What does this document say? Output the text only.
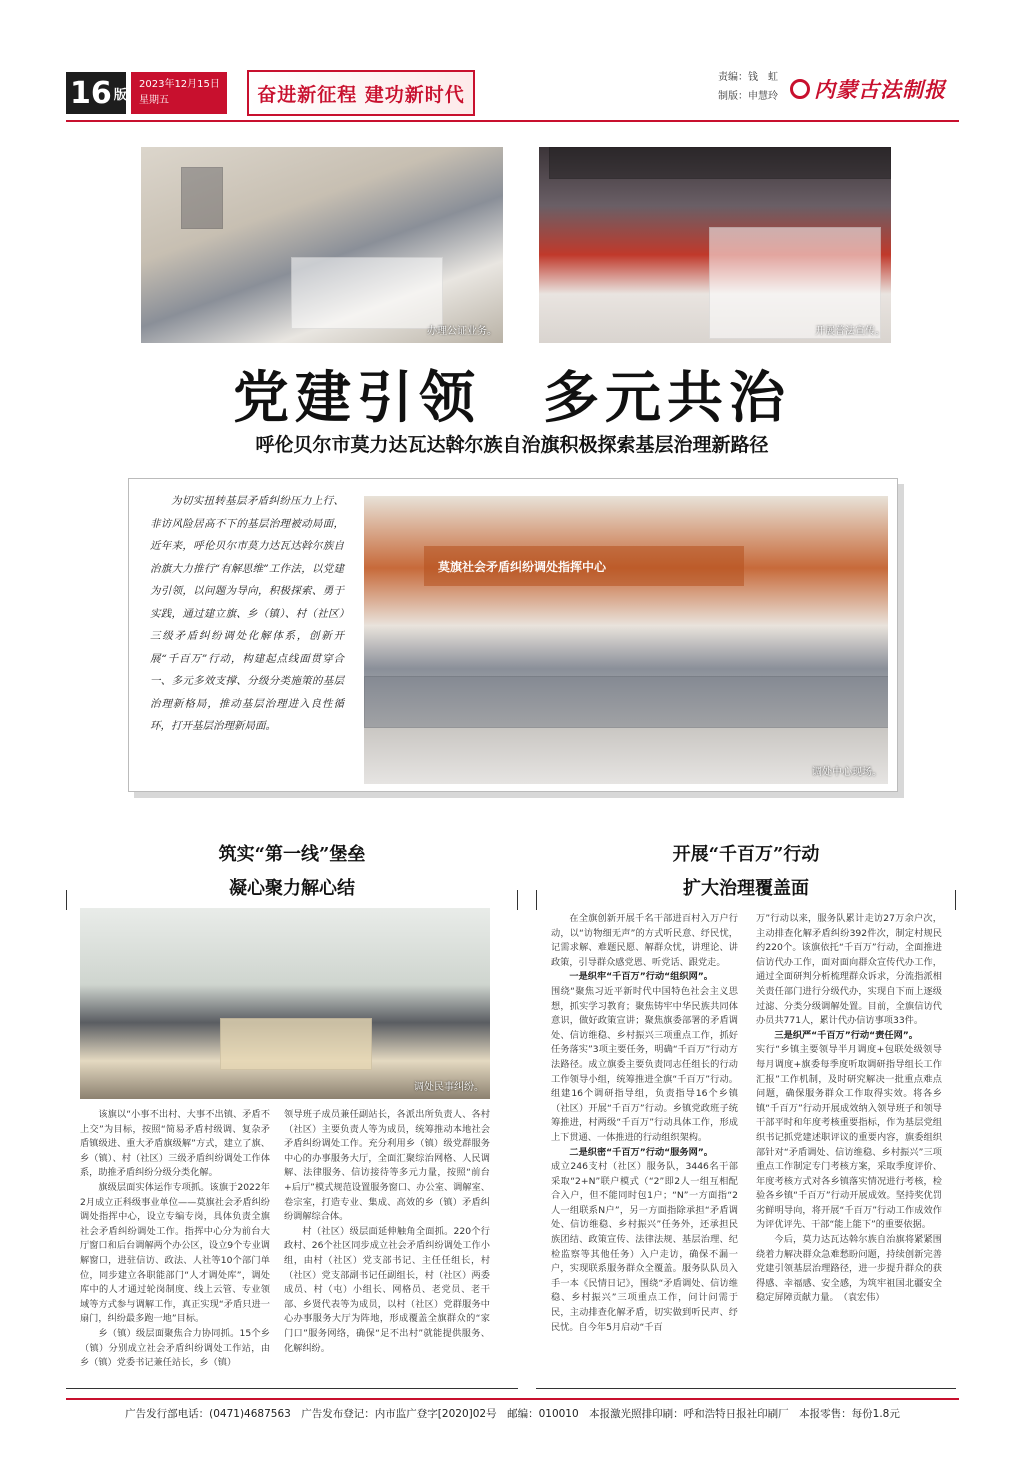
16 版
2023年12月15日
星期五	奋进新征程 建功新时代
责编：钱　虹
制版：申慧玲 内蒙古法制报
办理公证业务。	开展普法宣传。
党建引领　多元共治
呼伦贝尔市莫力达瓦达斡尔族自治旗积极探索基层治理新路径
为切实扭转基层矛盾纠纷压力上行、非访风险居高不下的基层治理被动局面，近年来，呼伦贝尔市莫力达瓦达斡尔族自治旗大力推行“有解思维”工作法，以党建为引领，以问题为导向，积极探索、勇于实践，通过建立旗、乡（镇）、村（社区）三级矛盾纠纷调处化解体系，创新开展“千百万”行动，构建起点线面贯穿合一、多元多效支撑、分级分类施策的基层治理新格局，推动基层治理进入良性循环，打开基层治理新局面。
莫旗社会矛盾纠纷调处指挥中心
调处中心现场。
筑实“第一线”堡垒
凝心聚力解心结
调处民事纠纷。

该旗以“小事不出村、大事不出镇、矛盾不上交”为目标，按照“简易矛盾村级调、复杂矛盾镇级进、重大矛盾旗级解”方式，建立了旗、乡（镇）、村（社区）三级矛盾纠纷调处工作体系，助推矛盾纠纷分级分类化解。

旗级层面实体运作专项抓。该旗于2022年2月成立正科级事业单位——莫旗社会矛盾纠纷调处指挥中心，设立专编专岗，具体负责全旗社会矛盾纠纷调处工作。指挥中心分为前台大厅窗口和后台调解两个办公区，设立9个专业调解窗口，进驻信访、政法、人社等10个部门单位，同步建立各职能部门“人才调处库”，调处库中的人才通过轮岗制度、线上云管、专业领域等方式参与调解工作，真正实现“矛盾只进一扇门，纠纷最多跑一地”目标。

乡（镇）级层面聚焦合力协同抓。15个乡（镇）分别成立社会矛盾纠纷调处工作站，由乡（镇）党委书记兼任站长，乡（镇）

领导班子成员兼任副站长，各派出所负责人、各村（社区）主要负责人等为成员，统筹推动本地社会矛盾纠纷调处工作。充分利用乡（镇）级党群服务中心的办事服务大厅，全面汇聚综治网格、人民调解、法律服务、信访接待等多元力量，按照“前台+后厅”模式规范设置服务窗口、办公室、调解室、卷宗室，打造专业、集成、高效的乡（镇）矛盾纠纷调解综合体。

村（社区）级层面延伸触角全面抓。220个行政村、26个社区同步成立社会矛盾纠纷调处工作小组，由村（社区）党支部书记、主任任组长，村（社区）党支部副书记任副组长，村（社区）两委成员、村（屯）小组长、网格员、老党员、老干部、乡贤代表等为成员，以村（社区）党群服务中心办事服务大厅为阵地，形成覆盖全旗群众的“家门口”服务网络，确保“足不出村”就能提供服务、化解纠纷。

开展“千百万”行动
扩大治理覆盖面

在全旗创新开展千名干部进百村入万户行动，以“访物细无声”的方式听民意、纾民忧，记需求解、难题民愿、解群众忧，讲理论、讲政策，引导群众感党恩、听党话、跟党走。

一是织牢“千百万”行动“组织网”。

围绕“聚焦习近平新时代中国特色社会主义思想，抓实学习教育；聚焦铸牢中华民族共同体意识，做好政策宣讲；聚焦旗委部署的矛盾调处、信访维稳、乡村振兴三项重点工作，抓好任务落实”3项主要任务，明确“千百万”行动方法路径。成立旗委主要负责同志任组长的行动工作领导小组，统筹推进全旗“千百万”行动。组建16个调研指导组，负责指导16个乡镇（社区）开展“千百万”行动。乡镇党政班子统筹推进，村两级“千百万”行动具体工作，形成上下贯通、一体推进的行动组织架构。

二是织密“千百万”行动“服务网”。

成立246支村（社区）服务队，3446名干部采取“2+N”联户模式（“2”即2人一组互相配合入户，但不能同时包1户；“N”一方面指“2人一组联系N户”，另一方面指除承担“矛盾调处、信访维稳、乡村振兴”任务外，还承担民族团结、政策宣传、法律法规、基层治理、纪检监察等其他任务）入户走访，确保不漏一户，实现联系服务群众全覆盖。服务队队员入手一本《民情日记》，围绕“矛盾调处、信访维稳、乡村振兴”三项重点工作，问计问需于民，主动排查化解矛盾，切实做到听民声、纾民忧。自今年5月启动“千百

万”行动以来，服务队累计走访27万余户次，主动排查化解矛盾纠纷392件次，制定村规民约220个。该旗依托“千百万”行动，全面推进信访代办工作，面对面向群众宣传代办工作，通过全面研判分析梳理群众诉求，分流指派相关责任部门进行分级代办，实现自下而上逐级过滤、分类分级调解处置。目前，全旗信访代办员共771人，累计代办信访事项33件。

三是织严“千百万”行动“责任网”。

实行“乡镇主要领导半月调度+包联处级领导每月调度+旗委每季度听取调研指导组长工作汇报”工作机制，及时研究解决一批重点难点问题，确保服务群众工作取得实效。将各乡镇“千百万”行动开展成效纳入领导班子和领导干部平时和年度考核重要指标，作为基层党组织书记抓党建述职评议的重要内容，旗委组织部针对“矛盾调处、信访维稳、乡村振兴”三项重点工作制定专门考核方案，采取季度评价、年度考核方式对各乡镇落实情况进行考核，检验各乡镇“千百万”行动开展成效。坚持奖优罚劣鲜明导向，将开展“千百万”行动工作成效作为评优评先、干部“能上能下”的重要依据。

今后，莫力达瓦达斡尔族自治旗将紧紧围绕着力解决群众急难愁盼问题，持续创新完善党建引领基层治理路径，进一步提升群众的获得感、幸福感、安全感，为筑牢祖国北疆安全稳定屏障贡献力量。　（袁宏伟）

广告发行部电话：(0471)4687563　广告发布登记：内市监广登字[2020]02号　邮编：010010　本报激光照排印刷：呼和浩特日报社印刷厂　本报零售：每份1.8元
